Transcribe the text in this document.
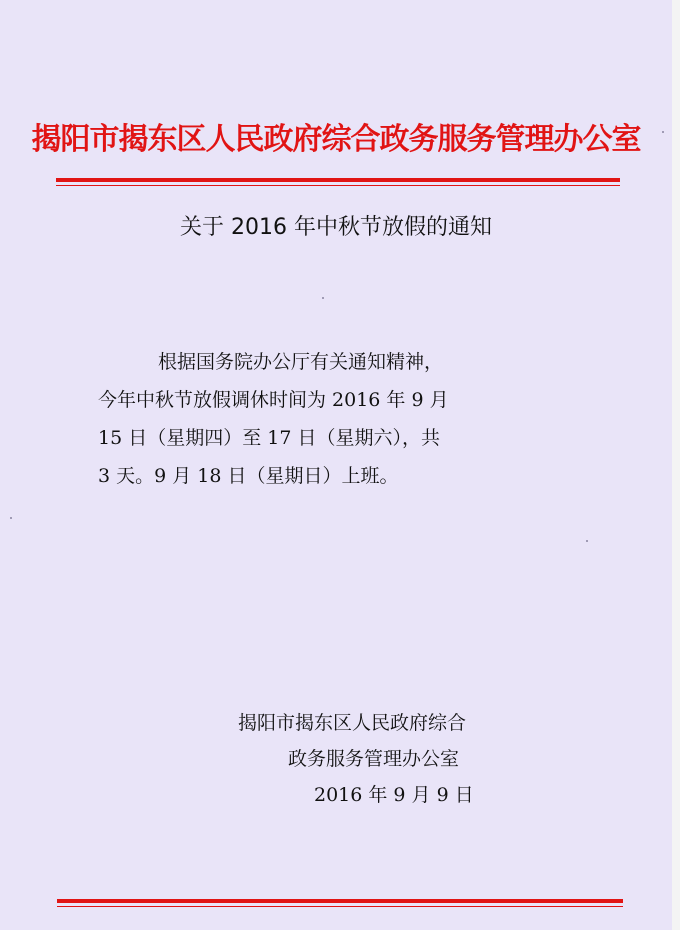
揭阳市揭东区人民政府综合政务服务管理办公室
关于 2016 年中秋节放假的通知
根据国务院办公厅有关通知精神，
今年中秋节放假调休时间为 2016 年 9 月
15 日（星期四）至 17 日（星期六），共
3 天。9 月 18 日（星期日）上班。
揭阳市揭东区人民政府综合
政务服务管理办公室
2016 年 9 月 9 日
